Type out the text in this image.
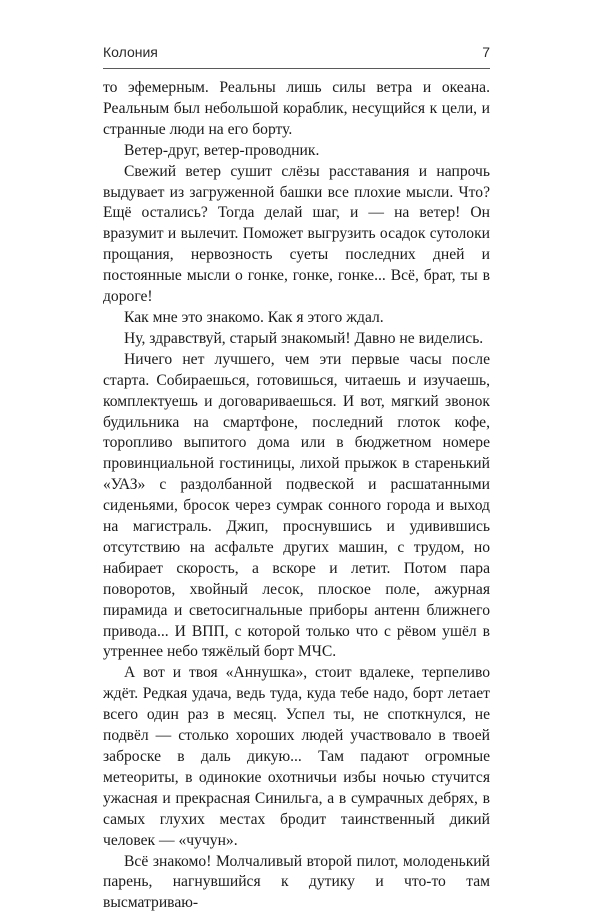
Колония	7

то эфемерным. Реальны лишь силы ветра и океана. Реальным был небольшой кораблик, несущийся к цели, и странные люди на его борту.

Ветер-друг, ветер-проводник.

Свежий ветер сушит слёзы расставания и напрочь выдувает из загруженной башки все плохие мысли. Что? Ещё остались? Тогда делай шаг, и — на ветер! Он вразумит и вылечит. Поможет выгрузить осадок сутолоки прощания, нервозность суеты последних дней и постоянные мысли о гонке, гонке, гонке... Всё, брат, ты в дороге!

Как мне это знакомо. Как я этого ждал.

Ну, здравствуй, старый знакомый! Давно не виделись.

Ничего нет лучшего, чем эти первые часы после старта. Собираешься, готовишься, читаешь и изучаешь, комплектуешь и договариваешься. И вот, мягкий звонок будильника на смартфоне, последний глоток кофе, торопливо выпитого дома или в бюджетном номере провинциальной гостиницы, лихой прыжок в старенький «УАЗ» с раздолбанной подвеской и расшатанными сиденьями, бросок через сумрак сонного города и выход на магистраль. Джип, проснувшись и удивившись отсутствию на асфальте других машин, с трудом, но набирает скорость, а вскоре и летит. Потом пара поворотов, хвойный лесок, плоское поле, ажурная пирамида и светосигнальные приборы антенн ближнего привода... И ВПП, с которой только что с рёвом ушёл в утреннее небо тяжёлый борт МЧС.

А вот и твоя «Аннушка», стоит вдалеке, терпеливо ждёт. Редкая удача, ведь туда, куда тебе надо, борт летает всего один раз в месяц. Успел ты, не споткнулся, не подвёл — столько хороших людей участвовало в твоей заброске в даль дикую... Там падают огромные метеориты, в одинокие охотничьи избы ночью стучится ужасная и прекрасная Синильга, а в сумрачных дебрях, в самых глухих местах бродит таинственный дикий человек — «чучун».

Всё знакомо! Молчаливый второй пилот, молоденький парень, нагнувшийся к дутику и что-то там высматриваю-
